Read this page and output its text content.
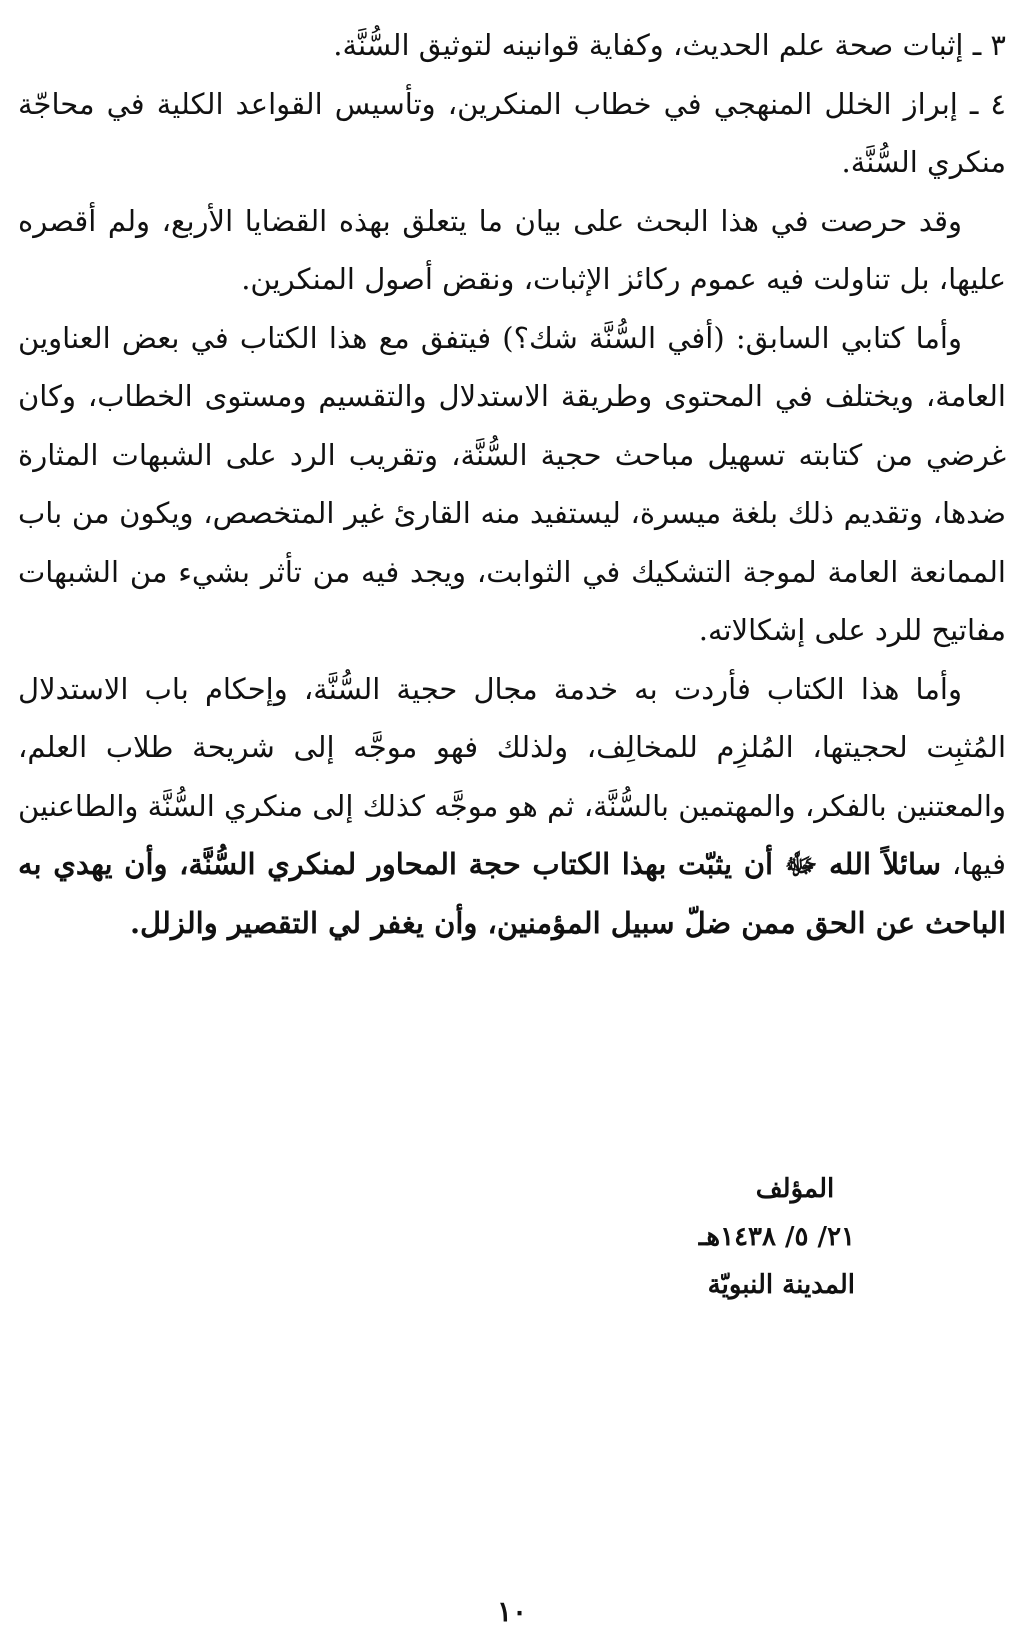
٣ ـ إثبات صحة علم الحديث، وكفاية قوانينه لتوثيق السُّنَّة.

٤ ـ إبراز الخلل المنهجي في خطاب المنكرين، وتأسيس القواعد الكلية في محاجّة منكري السُّنَّة.

وقد حرصت في هذا البحث على بيان ما يتعلق بهذه القضايا الأربع، ولم أقصره عليها، بل تناولت فيه عموم ركائز الإثبات، ونقض أصول المنكرين.

وأما كتابي السابق: (أفي السُّنَّة شك؟) فيتفق مع هذا الكتاب في بعض العناوين العامة، ويختلف في المحتوى وطريقة الاستدلال والتقسيم ومستوى الخطاب، وكان غرضي من كتابته تسهيل مباحث حجية السُّنَّة، وتقريب الرد على الشبهات المثارة ضدها، وتقديم ذلك بلغة ميسرة، ليستفيد منه القارئ غير المتخصص، ويكون من باب الممانعة العامة لموجة التشكيك في الثوابت، ويجد فيه من تأثر بشيء من الشبهات مفاتيح للرد على إشكالاته.

وأما هذا الكتاب فأردت به خدمة مجال حجية السُّنَّة، وإحكام باب الاستدلال المُثبِت لحجيتها، المُلزِم للمخالِف، ولذلك فهو موجَّه إلى شريحة طلاب العلم، والمعتنين بالفكر، والمهتمين بالسُّنَّة، ثم هو موجَّه كذلك إلى منكري السُّنَّة والطاعنين فيها، سائلاً الله ﷻ أن يثبّت بهذا الكتاب حجة المحاور لمنكري السُّنَّة، وأن يهدي به الباحث عن الحق ممن ضلّ سبيل المؤمنين، وأن يغفر لي التقصير والزلل.

المؤلف
٢١/ ٥/ ١٤٣٨هـ
المدينة النبويّة
١٠
